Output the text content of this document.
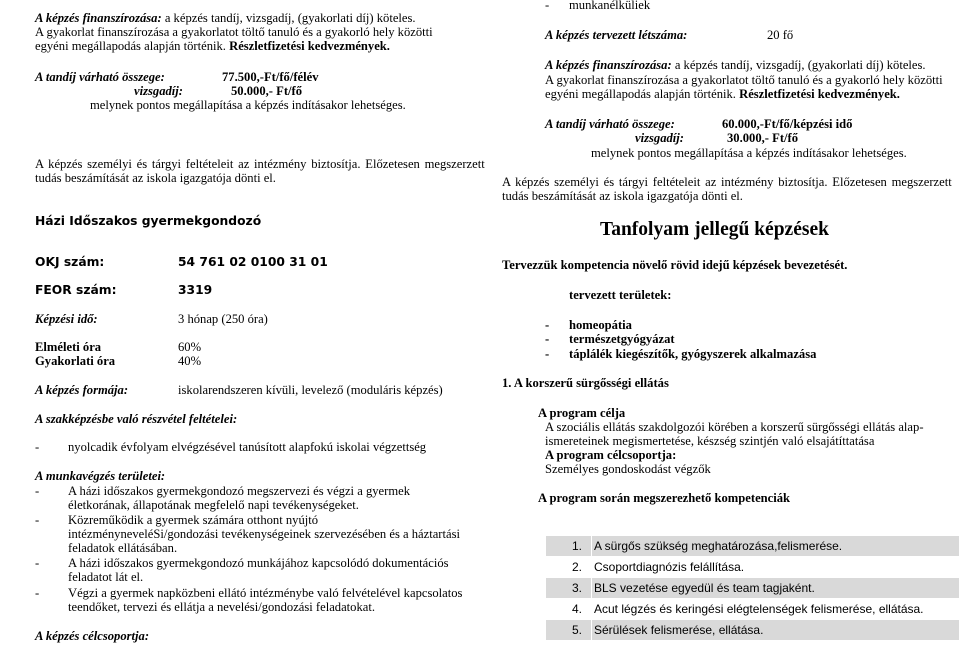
A képzés finanszírozása: a képzés tandíj, vizsgadíj, (gyakorlati díj) köteles.
A gyakorlat finanszírozása a gyakorlatot töltő tanuló és a gyakorló hely közötti
egyéni megállapodás alapján történik. Részletfizetési kedvezmények.
A tandíj várható összege:	77.500,-Ft/fő/félév
vizsgadíj:	50.000,- Ft/fő
melynek pontos megállapítása a képzés indításakor lehetséges.
A képzés személyi és tárgyi feltételeit az intézmény biztosítja. Előzetesen megszerzett
tudás beszámítását az iskola igazgatója dönti el.
Házi Időszakos gyermekgondozó
OKJ szám:	54 761 02 0100 31 01
FEOR szám:	3319
Képzési idő:	3 hónap (250 óra)
Elméleti óra	60%
Gyakorlati óra	40%
A képzés formája:	iskolarendszeren kívüli, levelező (moduláris képzés)
A szakképzésbe való részvétel feltételei:
- nyolcadik évfolyam elvégzésével tanúsított alapfokú iskolai végzettség
A munkavégzés területei:
- A házi időszakos gyermekgondozó megszervezi és végzi a gyermek
életkorának, állapotának megfelelő napi tevékenységeket.
- Közreműködik a gyermek számára otthont nyújtó
intézményneveléSi/gondozási tevékenységeinek szervezésében és a háztartási
feladatok ellátásában.
- A házi időszakos gyermekgondozó munkájához kapcsolódó dokumentációs
feladatot lát el.
- Végzi a gyermek napközbeni ellátó intézménybe való felvételével kapcsolatos
teendőket, tervezi és ellátja a nevelési/gondozási feladatokat.
A képzés célcsoportja:
- munkanélküliek
A képzés tervezett létszáma:	20 fő
A képzés finanszírozása: a képzés tandíj, vizsgadíj, (gyakorlati díj) köteles.
A gyakorlat finanszírozása a gyakorlatot töltő tanuló és a gyakorló hely közötti
egyéni megállapodás alapján történik. Részletfizetési kedvezmények.
A tandíj várható összege:	60.000,-Ft/fő/képzési idő
vizsgadíj:	30.000,- Ft/fő
melynek pontos megállapítása a képzés indításakor lehetséges.
A képzés személyi és tárgyi feltételeit az intézmény biztosítja. Előzetesen megszerzett
tudás beszámítását az iskola igazgatója dönti el.
Tanfolyam jellegű képzések
Tervezzük kompetencia növelő rövid idejű képzések bevezetését.
tervezett területek:
- homeopátia
- természetgyógyázat
- táplálék kiegészítők, gyógyszerek alkalmazása
1. A korszerű sürgősségi ellátás
A program célja
A szociális ellátás szakdolgozói körében a korszerű sürgősségi ellátás alap-
ismereteinek megismertetése, készség szintjén való elsajátíttatása
A program célcsoportja:
Személyes gondoskodást végzők
A program során megszerezhető kompetenciák
1.	A sürgős szükség meghatározása,felismerése.
2.	Csoportdiagnózis felállítása.
3.	BLS vezetése egyedül és team tagjaként.
4.	Acut légzés és keringési elégtelenségek felismerése, ellátása.
5.	Sérülések felismerése, ellátása.
